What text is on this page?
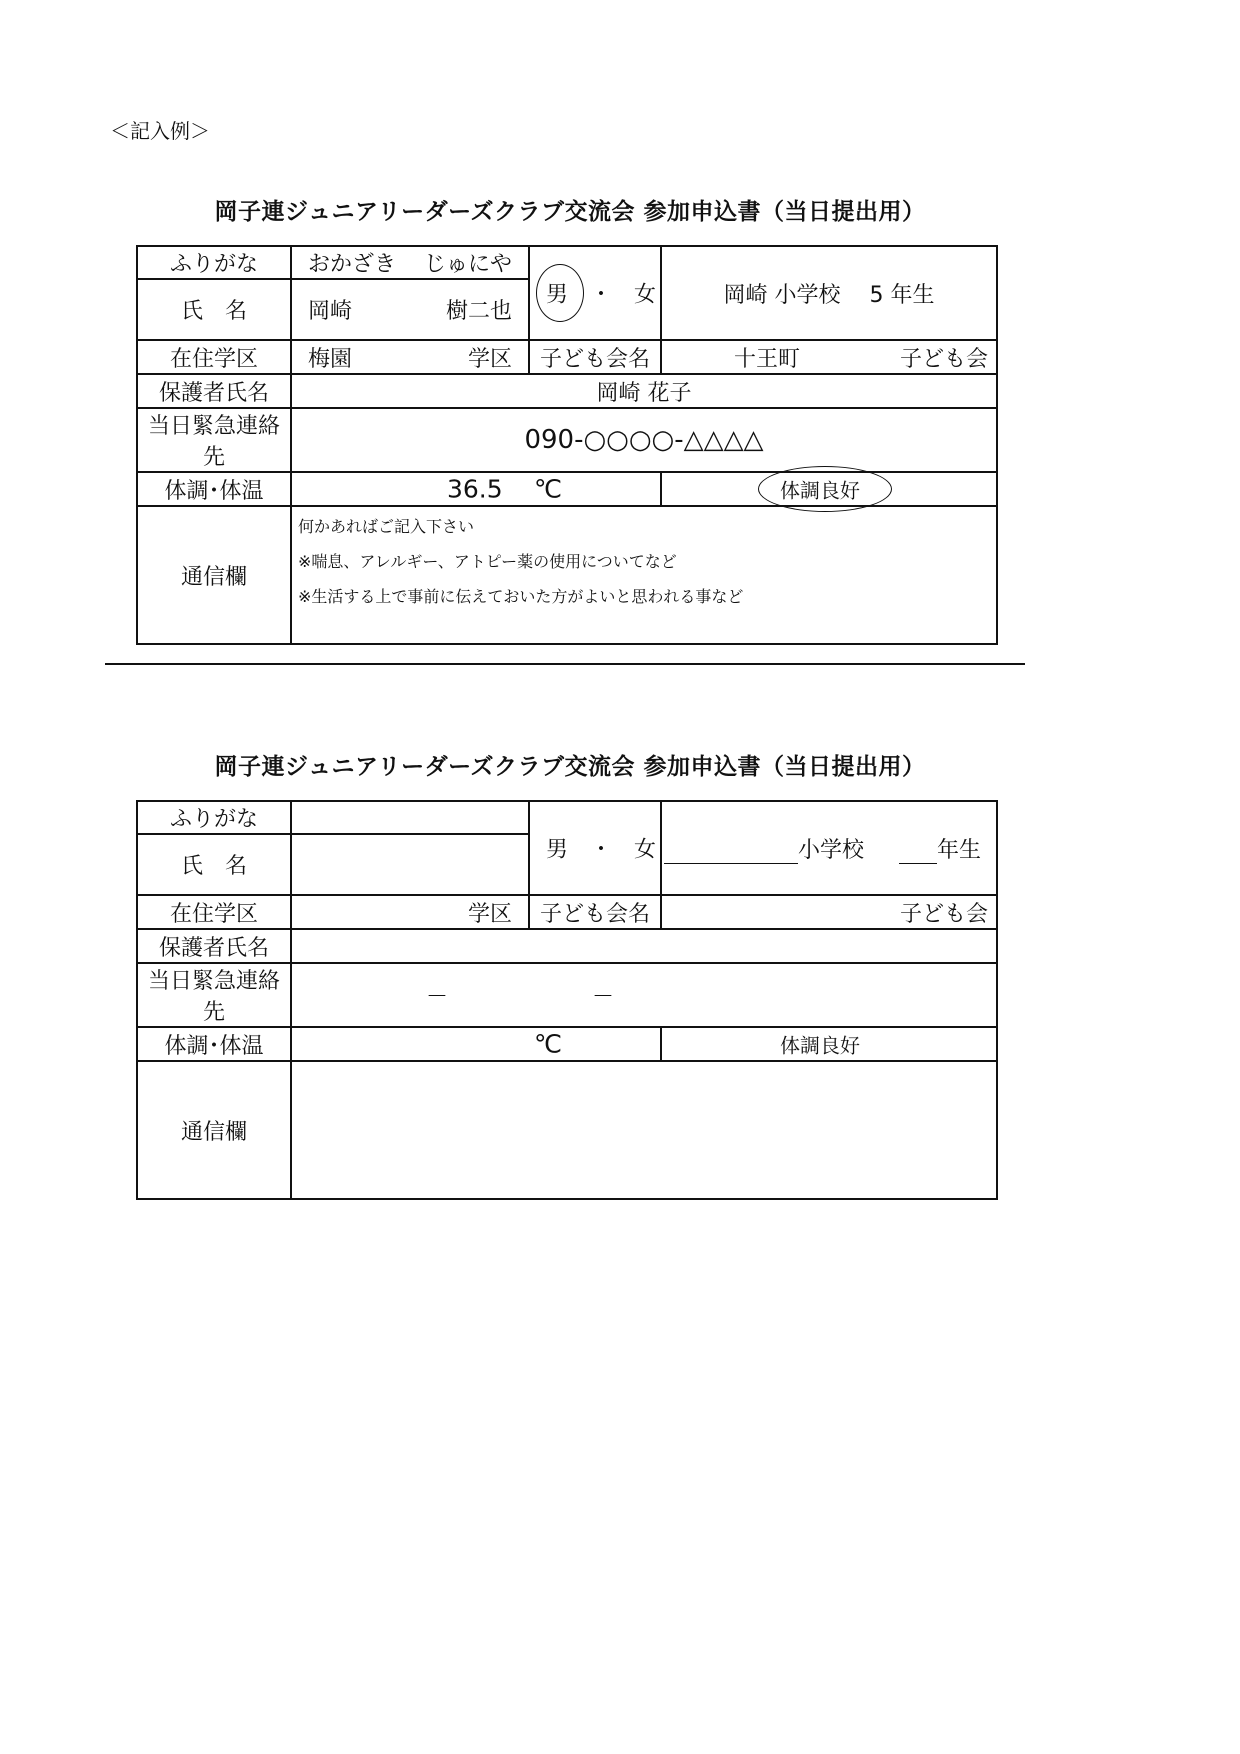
＜記入例＞
岡子連ジュニアリーダーズクラブ交流会 参加申込書（当日提出用）
ふりがな	おかざき じゅにや	男 ・　女	岡崎 小学校　 5 年生
氏　名	岡崎 樹二也		

在住学区	梅園 学区	子ども会名	十王町 子ども会

保護者氏名	岡崎 花子		
当日緊急連絡先	090-○○○○-△△△△		
体調･体温	36.5 ℃		体調良好

通信欄	何かあればご記入下さい
※喘息、アレルギー、アトピー薬の使用についてなど
※生活する上で事前に伝えておいた方がよいと思われる事など		
岡子連ジュニアリーダーズクラブ交流会 参加申込書（当日提出用）
ふりがな		男 ・　女	小学校 年生
氏　名			
在住学区	学区	子ども会名	子ども会

保護者氏名			
当日緊急連絡先	－ －		

体調･体温	℃		体調良好

通信欄			
